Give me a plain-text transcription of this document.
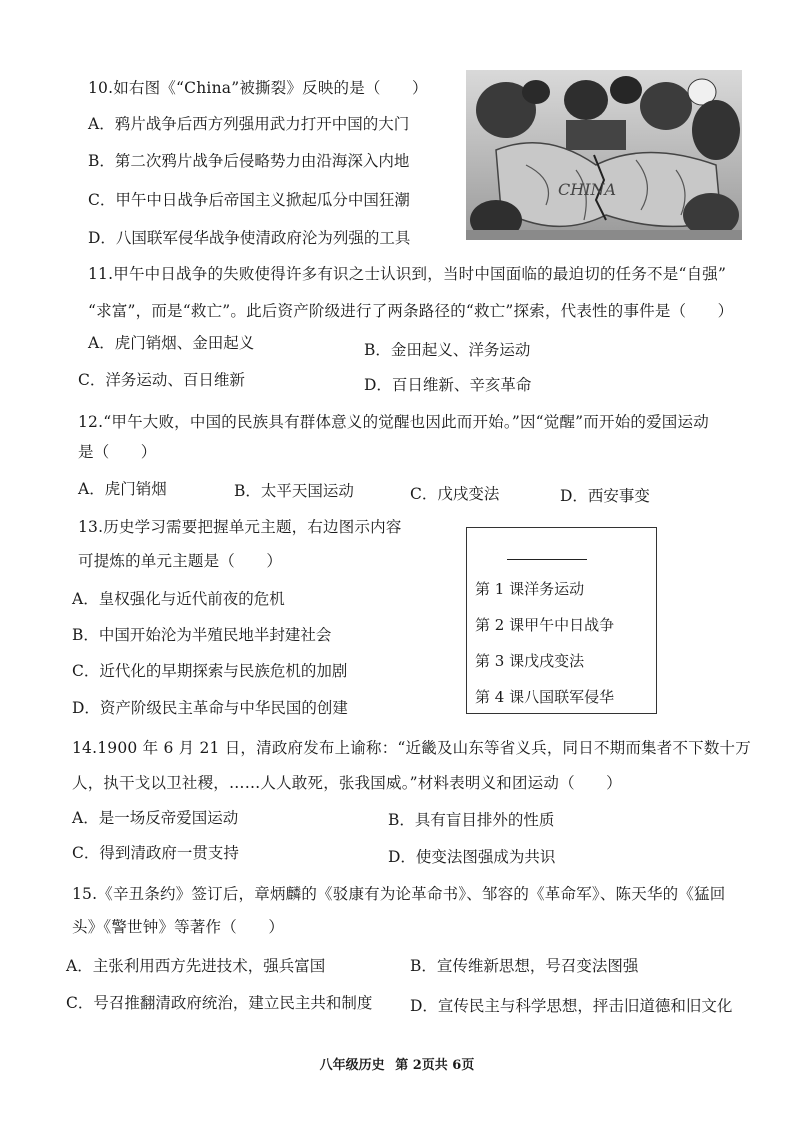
10.如右图《“China”被撕裂》反映的是（　　）
A．鸦片战争后西方列强用武力打开中国的大门
B．第二次鸦片战争后侵略势力由沿海深入内地
C．甲午中日战争后帝国主义掀起瓜分中国狂潮
D．八国联军侵华战争使清政府沦为列强的工具
CHINA
11.甲午中日战争的失败使得许多有识之士认识到，当时中国面临的最迫切的任务不是“自强”
“求富”，而是“救亡”。此后资产阶级进行了两条路径的“救亡”探索，代表性的事件是（　　）
A．虎门销烟、金田起义	B．金田起义、洋务运动
C．洋务运动、百日维新	D．百日维新、辛亥革命
12.“甲午大败，中国的民族具有群体意义的觉醒也因此而开始。”因“觉醒”而开始的爱国运动
是（　　）
A．虎门销烟	B．太平天国运动	C．戊戌变法	D．西安事变
13.历史学习需要把握单元主题，右边图示内容
可提炼的单元主题是（　　）
A．皇权强化与近代前夜的危机
B．中国开始沦为半殖民地半封建社会
C．近代化的早期探索与民族危机的加剧
D．资产阶级民主革命与中华民国的创建
第 1 课洋务运动
第 2 课甲午中日战争
第 3 课戊戌变法
第 4 课八国联军侵华
14.1900 年 6 月 21 日，清政府发布上谕称：“近畿及山东等省义兵，同日不期而集者不下数十万
人，执干戈以卫社稷，……人人敢死，张我国威。”材料表明义和团运动（　　）
A．是一场反帝爱国运动	B．具有盲目排外的性质
C．得到清政府一贯支持	D．使变法图强成为共识
15.《辛丑条约》签订后，章炳麟的《驳康有为论革命书》、邹容的《革命军》、陈天华的《猛回
头》《警世钟》等著作（　　）
A．主张利用西方先进技术，强兵富国	B．宣传维新思想，号召变法图强
C．号召推翻清政府统治，建立民主共和制度 D．宣传民主与科学思想，抨击旧道德和旧文化
八年级历史 第 2页共 6页
